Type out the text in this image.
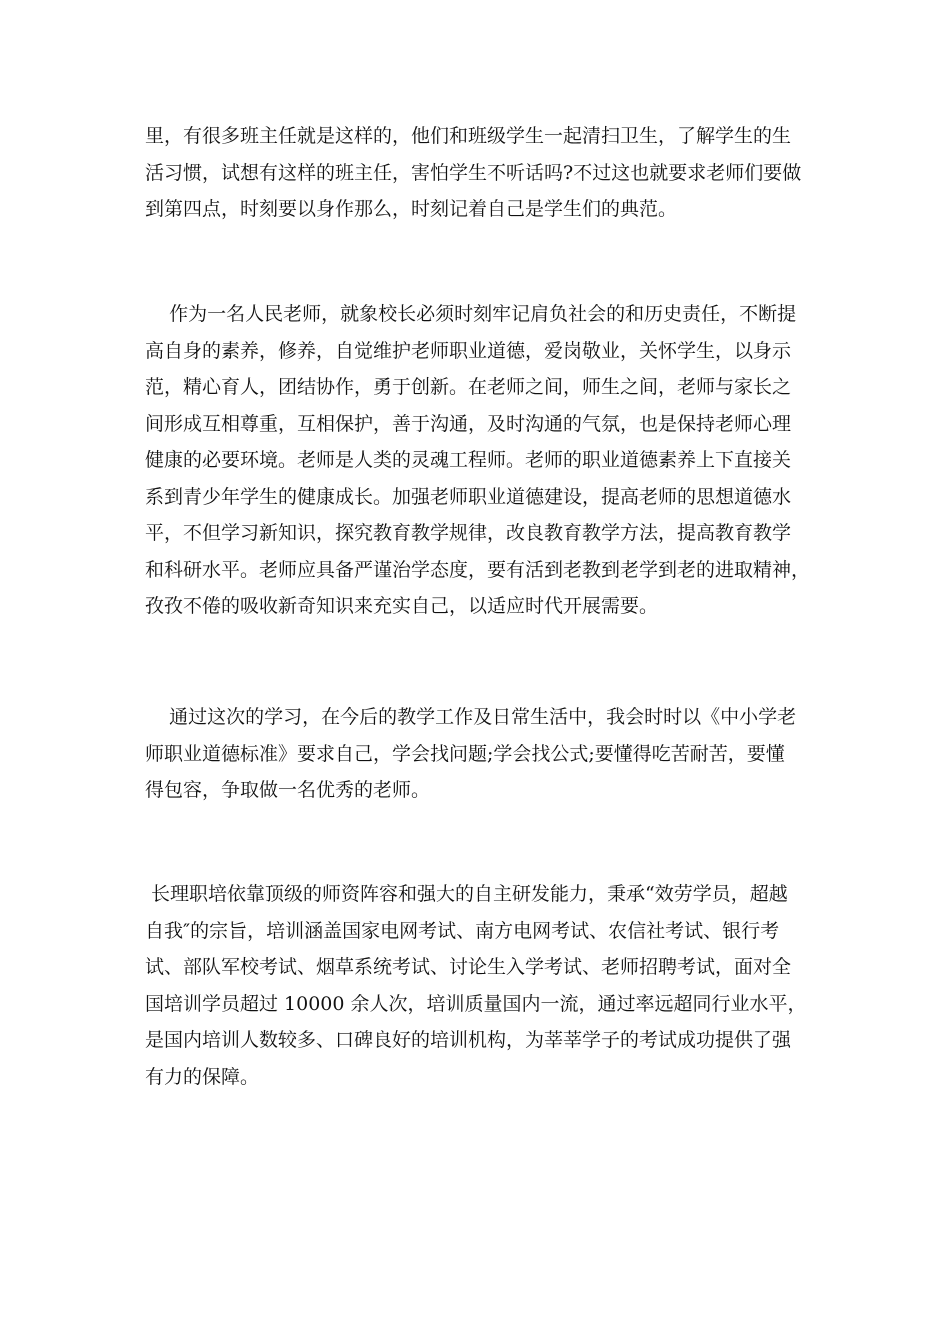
里，有很多班主任就是这样的，他们和班级学生一起清扫卫生，了解学生的生
活习惯，试想有这样的班主任，害怕学生不听话吗?不过这也就要求老师们要做
到第四点，时刻要以身作那么，时刻记着自己是学生们的典范。
作为一名人民老师，就象校长必须时刻牢记肩负社会的和历史责任，不断提
高自身的素养，修养，自觉维护老师职业道德，爱岗敬业，关怀学生，以身示
范，精心育人，团结协作，勇于创新。在老师之间，师生之间，老师与家长之
间形成互相尊重，互相保护，善于沟通，及时沟通的气氛，也是保持老师心理
健康的必要环境。老师是人类的灵魂工程师。老师的职业道德素养上下直接关
系到青少年学生的健康成长。加强老师职业道德建设，提高老师的思想道德水
平，不但学习新知识，探究教育教学规律，改良教育教学方法，提高教育教学
和科研水平。老师应具备严谨治学态度，要有活到老教到老学到老的进取精神，
孜孜不倦的吸收新奇知识来充实自己，以适应时代开展需要。
通过这次的学习，在今后的教学工作及日常生活中，我会时时以《中小学老
师职业道德标准》要求自己，学会找问题;学会找公式;要懂得吃苦耐苦，要懂
得包容，争取做一名优秀的老师。
长理职培依靠顶级的师资阵容和强大的自主研发能力，秉承“效劳学员，超越
自我″的宗旨，培训涵盖国家电网考试、南方电网考试、农信社考试、银行考
试、部队军校考试、烟草系统考试、讨论生入学考试、老师招聘考试，面对全
国培训学员超过 10000 余人次，培训质量国内一流，通过率远超同行业水平，
是国内培训人数较多、口碑良好的培训机构，为莘莘学子的考试成功提供了强
有力的保障。
